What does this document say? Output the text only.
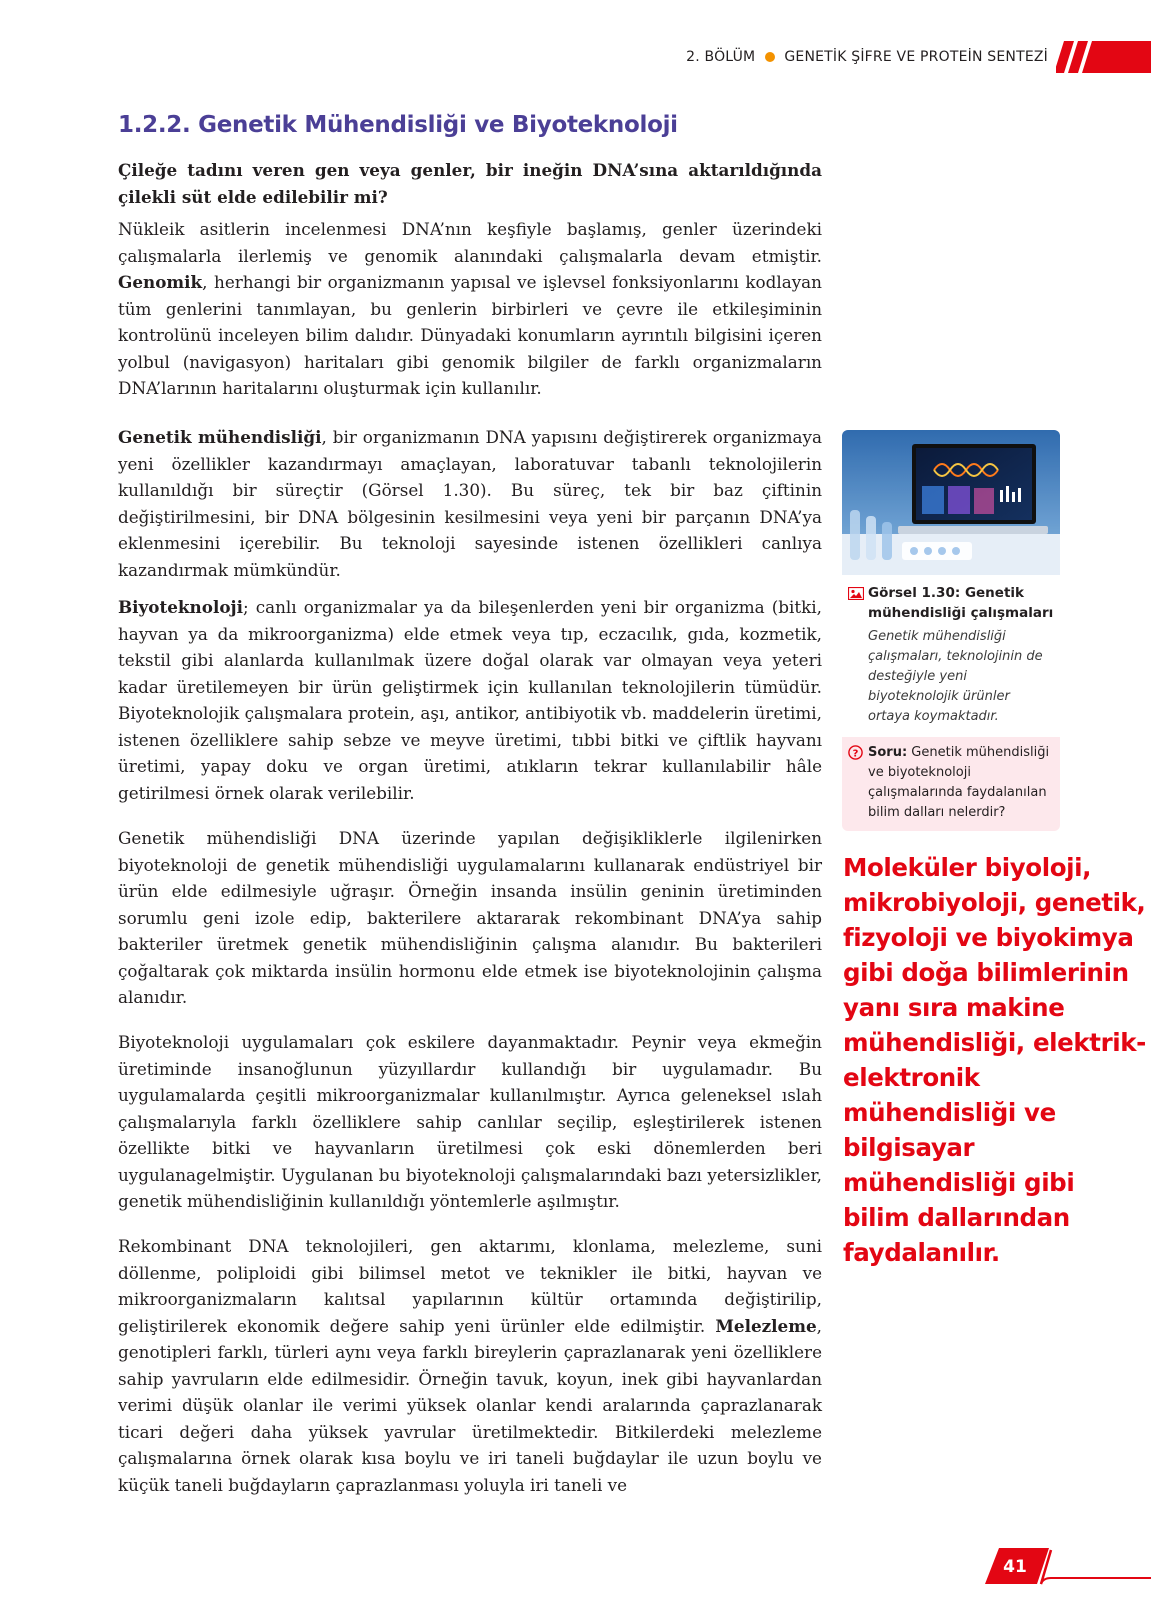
2. BÖLÜM GENETİK ŞİFRE VE PROTEİN SENTEZİ
1.2.2. Genetik Mühendisliği ve Biyoteknoloji

Çileğe tadını veren gen veya genler, bir ineğin DNA’sına aktarıldığında çilekli süt elde edilebilir mi?

Nükleik asitlerin incelenmesi DNA’nın keşfiyle başlamış, genler üzerindeki çalışmalarla ilerlemiş ve genomik alanındaki çalışmalarla devam etmiştir. Genomik, herhangi bir organizmanın yapısal ve işlevsel fonksiyonlarını kodlayan tüm genlerini tanımlayan, bu genlerin birbirleri ve çevre ile etkileşiminin kontrolünü inceleyen bilim dalıdır. Dünyadaki konumların ayrıntılı bilgisini içeren yolbul (navigasyon) haritaları gibi genomik bilgiler de farklı organizmaların DNA’larının haritalarını oluşturmak için kullanılır.

Genetik mühendisliği, bir organizmanın DNA yapısını değiştirerek organizmaya yeni özellikler kazandırmayı amaçlayan, laboratuvar tabanlı teknolojilerin kullanıldığı bir süreçtir (Görsel 1.30). Bu süreç, tek bir baz çiftinin değiştirilmesini, bir DNA bölgesinin kesilmesini veya yeni bir parçanın DNA’ya eklenmesini içerebilir. Bu teknoloji sayesinde istenen özellikleri canlıya kazandırmak mümkündür.

Biyoteknoloji; canlı organizmalar ya da bileşenlerden yeni bir organizma (bitki, hayvan ya da mikroorganizma) elde etmek veya tıp, eczacılık, gıda, kozmetik, tekstil gibi alanlarda kullanılmak üzere doğal olarak var olmayan veya yeteri kadar üretilemeyen bir ürün geliştirmek için kullanılan teknolojilerin tümüdür. Biyoteknolojik çalışmalara protein, aşı, antikor, antibiyotik vb. maddelerin üretimi, istenen özelliklere sahip sebze ve meyve üretimi, tıbbi bitki ve çiftlik hayvanı üretimi, yapay doku ve organ üretimi, atıkların tekrar kullanılabilir hâle getirilmesi örnek olarak verilebilir.

Genetik mühendisliği DNA üzerinde yapılan değişikliklerle ilgilenirken biyoteknoloji de genetik mühendisliği uygulamalarını kullanarak endüstriyel bir ürün elde edilmesiyle uğraşır. Örneğin insanda insülin geninin üretiminden sorumlu geni izole edip, bakterilere aktararak rekombinant DNA’ya sahip bakteriler üretmek genetik mühendisliğinin çalışma alanıdır. Bu bakterileri çoğaltarak çok miktarda insülin hormonu elde etmek ise biyoteknolojinin çalışma alanıdır.

Biyoteknoloji uygulamaları çok eskilere dayanmaktadır. Peynir veya ekmeğin üretiminde insanoğlunun yüzyıllardır kullandığı bir uygulamadır. Bu uygulamalarda çeşitli mikroorganizmalar kullanılmıştır. Ayrıca geleneksel ıslah çalışmalarıyla farklı özelliklere sahip canlılar seçilip, eşleştirilerek istenen özellikte bitki ve hayvanların üretilmesi çok eski dönemlerden beri uygulanagelmiştir. Uygulanan bu biyoteknoloji çalışmalarındaki bazı yetersizlikler, genetik mühendisliğinin kullanıldığı yöntemlerle aşılmıştır.

Rekombinant DNA teknolojileri, gen aktarımı, klonlama, melezleme, suni döllenme, poliploidi gibi bilimsel metot ve teknikler ile bitki, hayvan ve mikroorganizmaların kalıtsal yapılarının kültür ortamında değiştirilip, geliştirilerek ekonomik değere sahip yeni ürünler elde edilmiştir. Melezleme, genotipleri farklı, türleri aynı veya farklı bireylerin çaprazlanarak yeni özelliklere sahip yavruların elde edilmesidir. Örneğin tavuk, koyun, inek gibi hayvanlardan verimi düşük olanlar ile verimi yüksek olanlar kendi aralarında çaprazlanarak ticari değeri daha yüksek yavrular üretilmektedir. Bitkilerdeki melezleme çalışmalarına örnek olarak kısa boylu ve iri taneli buğdaylar ile uzun boylu ve küçük taneli buğdayların çaprazlanması yoluyla iri taneli ve

Görsel 1.30: Genetik mühendisliği çalışmaları

Genetik mühendisliği çalışmaları, teknolojinin de desteğiyle yeni biyoteknolojik ürünler ortaya koymaktadır.

? Soru: Genetik mühendisliği ve biyoteknoloji çalışmalarında faydalanılan bilim dalları nelerdir?

Moleküler biyoloji, mikrobiyoloji, genetik, fizyoloji ve biyokimya gibi doğa bilimlerinin yanı sıra makine mühendisliği, elektrik-elektronik mühendisliği ve bilgisayar mühendisliği gibi bilim dallarından faydalanılır.

41
